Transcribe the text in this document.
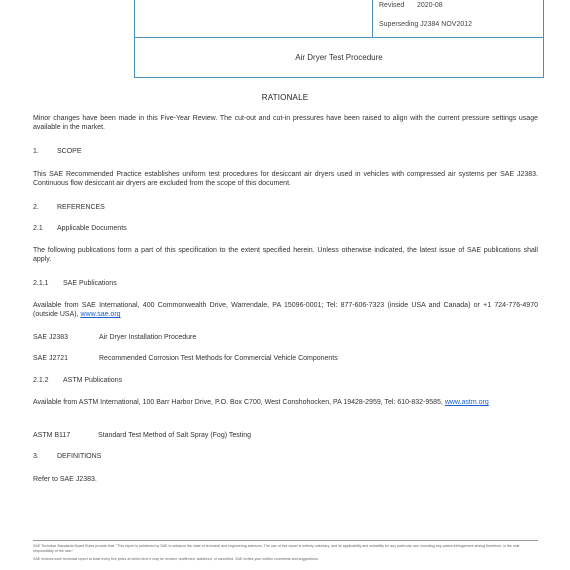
Revised 2020-08
Superseding J2384 NOV2012
Air Dryer Test Procedure
RATIONALE
Minor changes have been made in this Five-Year Review. The cut-out and cut-in pressures have been raised to align with the current pressure settings usage available in the market.
1.	SCOPE
This SAE Recommended Practice establishes uniform test procedures for desiccant air dryers used in vehicles with compressed air systems per SAE J2383. Continuous flow desiccant air dryers are excluded from the scope of this document.
2.	REFERENCES
2.1 Applicable Documents
The following publications form a part of this specification to the extent specified herein. Unless otherwise indicated, the latest issue of SAE publications shall apply.
2.1.1 SAE Publications
Available from SAE International, 400 Commonwealth Drive, Warrendale, PA 15096-0001; Tel: 877-606-7323 (inside USA and Canada) or +1 724-776-4970 (outside USA), www.sae.org
SAE J2383	Air Dryer Installation Procedure
SAE J2721	Recommended Corrosion Test Methods for Commercial Vehicle Components
2.1.2 ASTM Publications
Available from ASTM International, 100 Barr Harbor Drive, P.O. Box C700, West Conshohocken, PA 19428-2959, Tel: 610-832-9585, www.astm.org
ASTM B117	Standard Test Method of Salt Spray (Fog) Testing
3.	DEFINITIONS
Refer to SAE J2383.
SAE Technical Standards Board Rules provide that: "This report is published by SAE to advance the state of technical and engineering sciences. The use of this report is entirely voluntary, and its applicability and suitability for any particular use, including any patent infringement arising therefrom, is the sole responsibility of the user."
SAE reviews each technical report at least every five years at which time it may be revised, reaffirmed, stabilized, or cancelled. SAE invites your written comments and suggestions.
